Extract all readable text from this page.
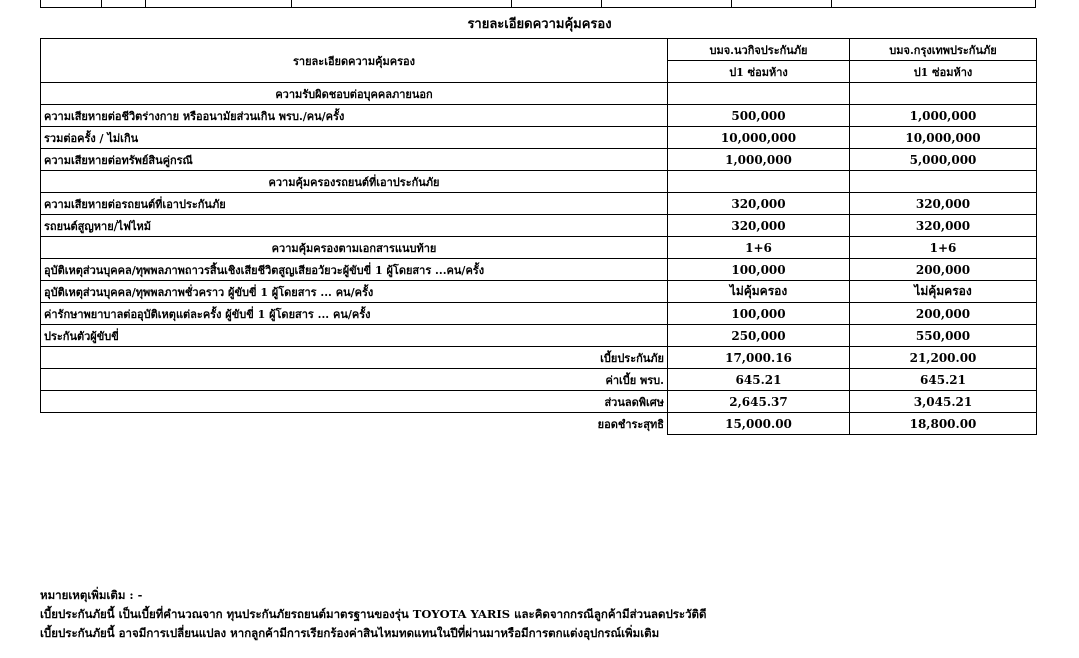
รายละเอียดความคุ้มครอง
รายละเอียดความคุ้มครอง	บมจ.นวกิจประกันภัย	บมจ.กรุงเทพประกันภัย
	ป1 ซ่อมห้าง	ป1 ซ่อมห้าง
ความรับผิดชอบต่อบุคคลภายนอก		
ความเสียหายต่อชีวิตร่างกาย หรืออนามัยส่วนเกิน พรบ./คน/ครั้ง	500,000	1,000,000
รวมต่อครั้ง / ไม่เกิน	10,000,000	10,000,000
ความเสียหายต่อทรัพย์สินคู่กรณี	1,000,000	5,000,000
ความคุ้มครองรถยนต์ที่เอาประกันภัย		
ความเสียหายต่อรถยนต์ที่เอาประกันภัย	320,000	320,000
รถยนต์สูญหาย/ไฟไหม้	320,000	320,000
ความคุ้มครองตามเอกสารแนบท้าย	1+6	1+6
อุบัติเหตุส่วนบุคคล/ทุพพลภาพถาวรสิ้นเชิงเสียชีวิตสูญเสียอวัยวะผู้ขับขี่ 1 ผู้โดยสาร ...คน/ครั้ง	100,000	200,000
อุบัติเหตุส่วนบุคคล/ทุพพลภาพชั่วคราว ผู้ขับขี่ 1 ผู้โดยสาร ... คน/ครั้ง	ไม่คุ้มครอง	ไม่คุ้มครอง
ค่ารักษาพยาบาลต่ออุบัติเหตุแต่ละครั้ง ผู้ขับขี่ 1 ผู้โดยสาร ... คน/ครั้ง	100,000	200,000
ประกันตัวผู้ขับขี่	250,000	550,000
เบี้ยประกันภัย	17,000.16	21,200.00
ค่าเบี้ย พรบ.	645.21	645.21
ส่วนลดพิเศษ	2,645.37	3,045.21
ยอดชำระสุทธิ	15,000.00	18,800.00
หมายเหตุเพิ่มเติม : -
เบี้ยประกันภัยนี้ เป็นเบี้ยที่คำนวณจาก ทุนประกันภัยรถยนต์มาตรฐานของรุ่น TOYOTA YARIS และคิดจากกรณีลูกค้ามีส่วนลดประวัติดี
เบี้ยประกันภัยนี้ อาจมีการเปลี่ยนแปลง หากลูกค้ามีการเรียกร้องค่าสินไหมทดแทนในปีที่ผ่านมาหรือมีการตกแต่งอุปกรณ์เพิ่มเติม
